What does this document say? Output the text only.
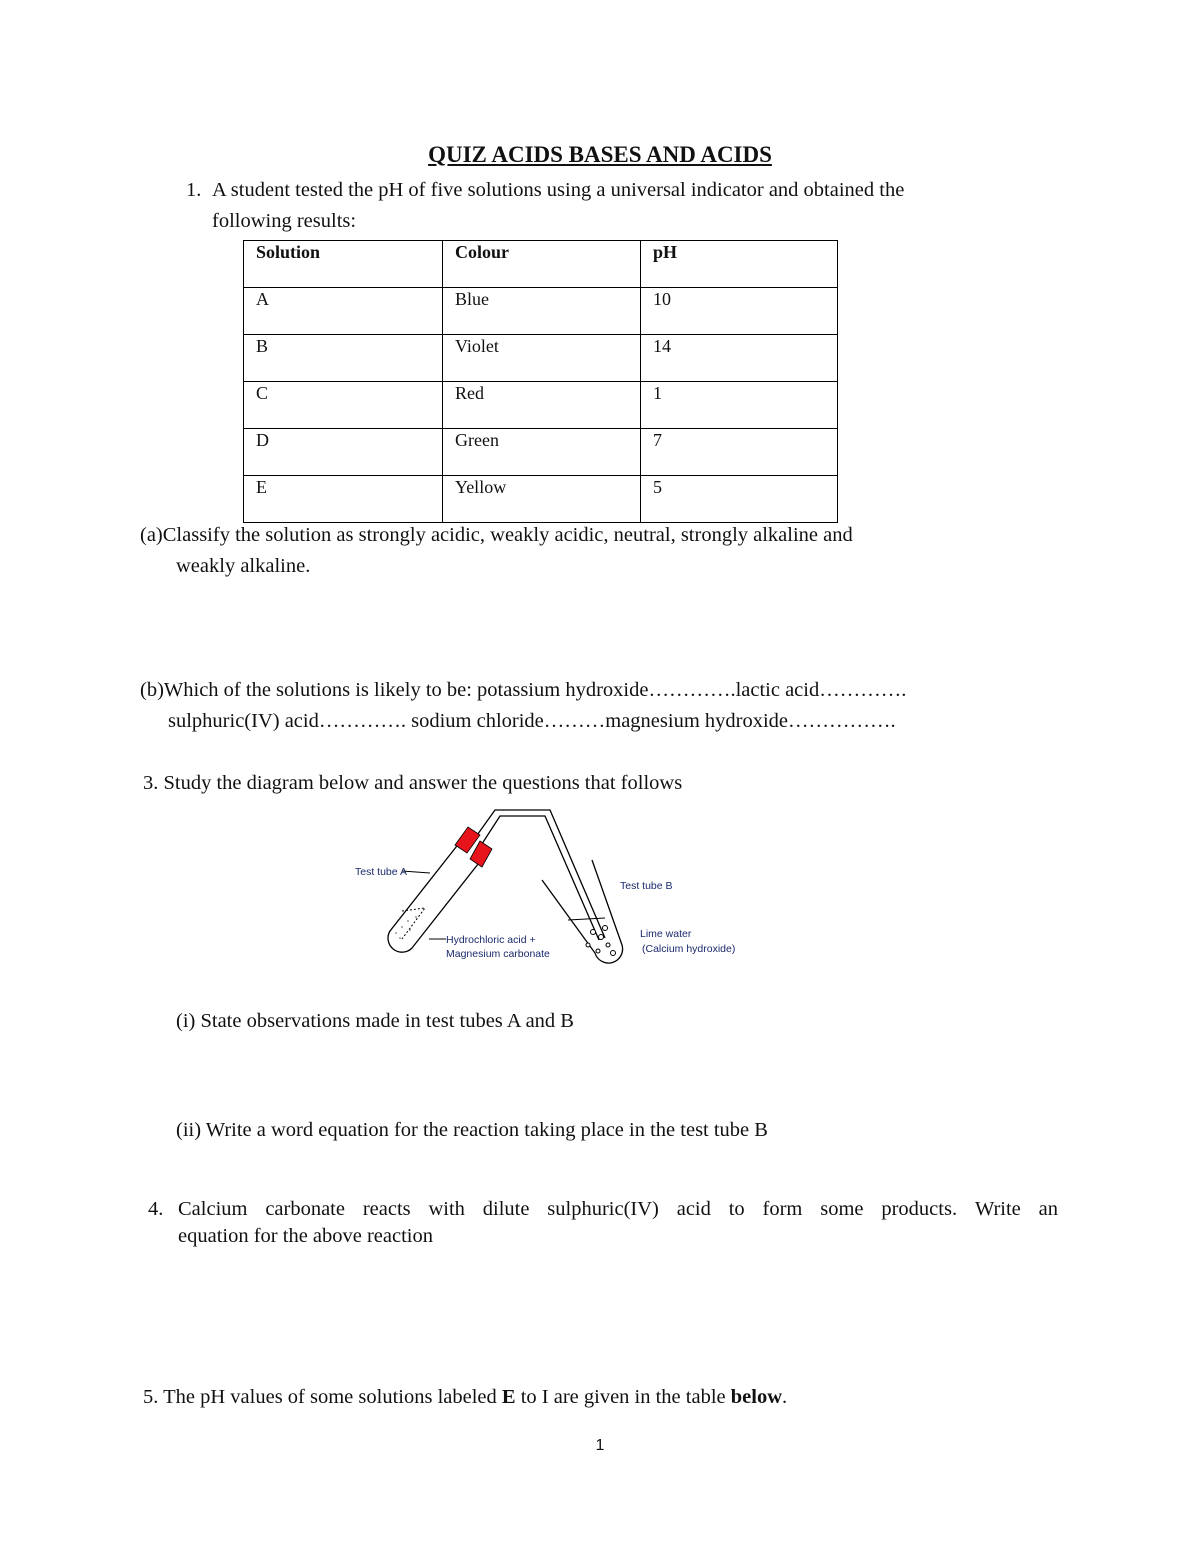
QUIZ ACIDS BASES AND ACIDS
1. A student tested the pH of five solutions using a universal indicator and obtained the
following results:
Solution	Colour	pH
A	Blue	10
B	Violet	14
C	Red	1
D	Green	7
E	Yellow	5
(a)Classify the solution as strongly acidic, weakly acidic, neutral, strongly alkaline and
weakly alkaline.
(b)Which of the solutions is likely to be: potassium hydroxide………….lactic acid………….
sulphuric(IV) acid…………. sodium chloride………magnesium hydroxide…………….
3. Study the diagram below and answer the questions that follows
Test tube A
Test tube B
Hydrochloric acid +
Magnesium carbonate
Lime water
(Calcium hydroxide)
(i) State observations made in test tubes A and B
(ii) Write a word equation for the reaction taking place in the test tube B
4. Calcium carbonate reacts with dilute sulphuric(IV) acid to form some products. Write an
equation for the above reaction
5. The pH values of some solutions labeled E to I are given in the table below.
1
